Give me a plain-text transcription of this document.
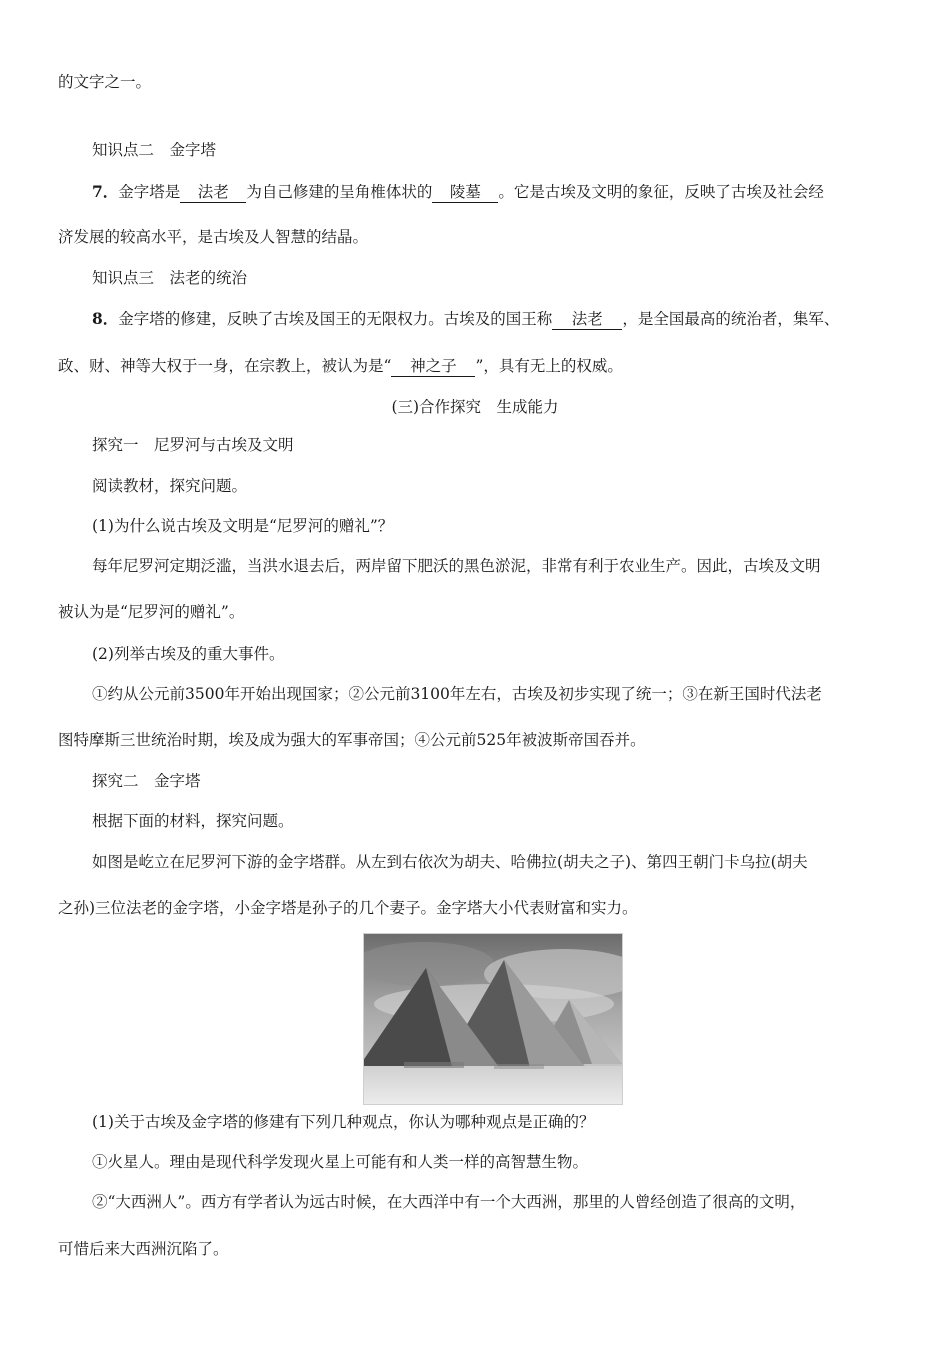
的文字之一。
知识点二　金字塔
7．金字塔是 法老 为自己修建的呈角椎体状的 陵墓 。它是古埃及文明的象征，反映了古埃及社会经
济发展的较高水平，是古埃及人智慧的结晶。
知识点三　法老的统治
8．金字塔的修建，反映了古埃及国王的无限权力。古埃及的国王称 法老 ，是全国最高的统治者，集军、
政、财、神等大权于一身，在宗教上，被认为是“ 神之子 ”，具有无上的权威。
(三)合作探究　生成能力
探究一　尼罗河与古埃及文明
阅读教材，探究问题。
(1)为什么说古埃及文明是“尼罗河的赠礼”？
每年尼罗河定期泛滥，当洪水退去后，两岸留下肥沃的黑色淤泥，非常有利于农业生产。因此，古埃及文明
被认为是“尼罗河的赠礼”。
(2)列举古埃及的重大事件。
①约从公元前3500年开始出现国家；②公元前3100年左右，古埃及初步实现了统一；③在新王国时代法老
图特摩斯三世统治时期，埃及成为强大的军事帝国；④公元前525年被波斯帝国吞并。
探究二　金字塔
根据下面的材料，探究问题。
如图是屹立在尼罗河下游的金字塔群。从左到右依次为胡夫、哈佛拉(胡夫之子)、第四王朝门卡乌拉(胡夫
之孙)三位法老的金字塔，小金字塔是孙子的几个妻子。金字塔大小代表财富和实力。
(1)关于古埃及金字塔的修建有下列几种观点，你认为哪种观点是正确的？
①火星人。理由是现代科学发现火星上可能有和人类一样的高智慧生物。
②“大西洲人”。西方有学者认为远古时候，在大西洋中有一个大西洲，那里的人曾经创造了很高的文明，
可惜后来大西洲沉陷了。
